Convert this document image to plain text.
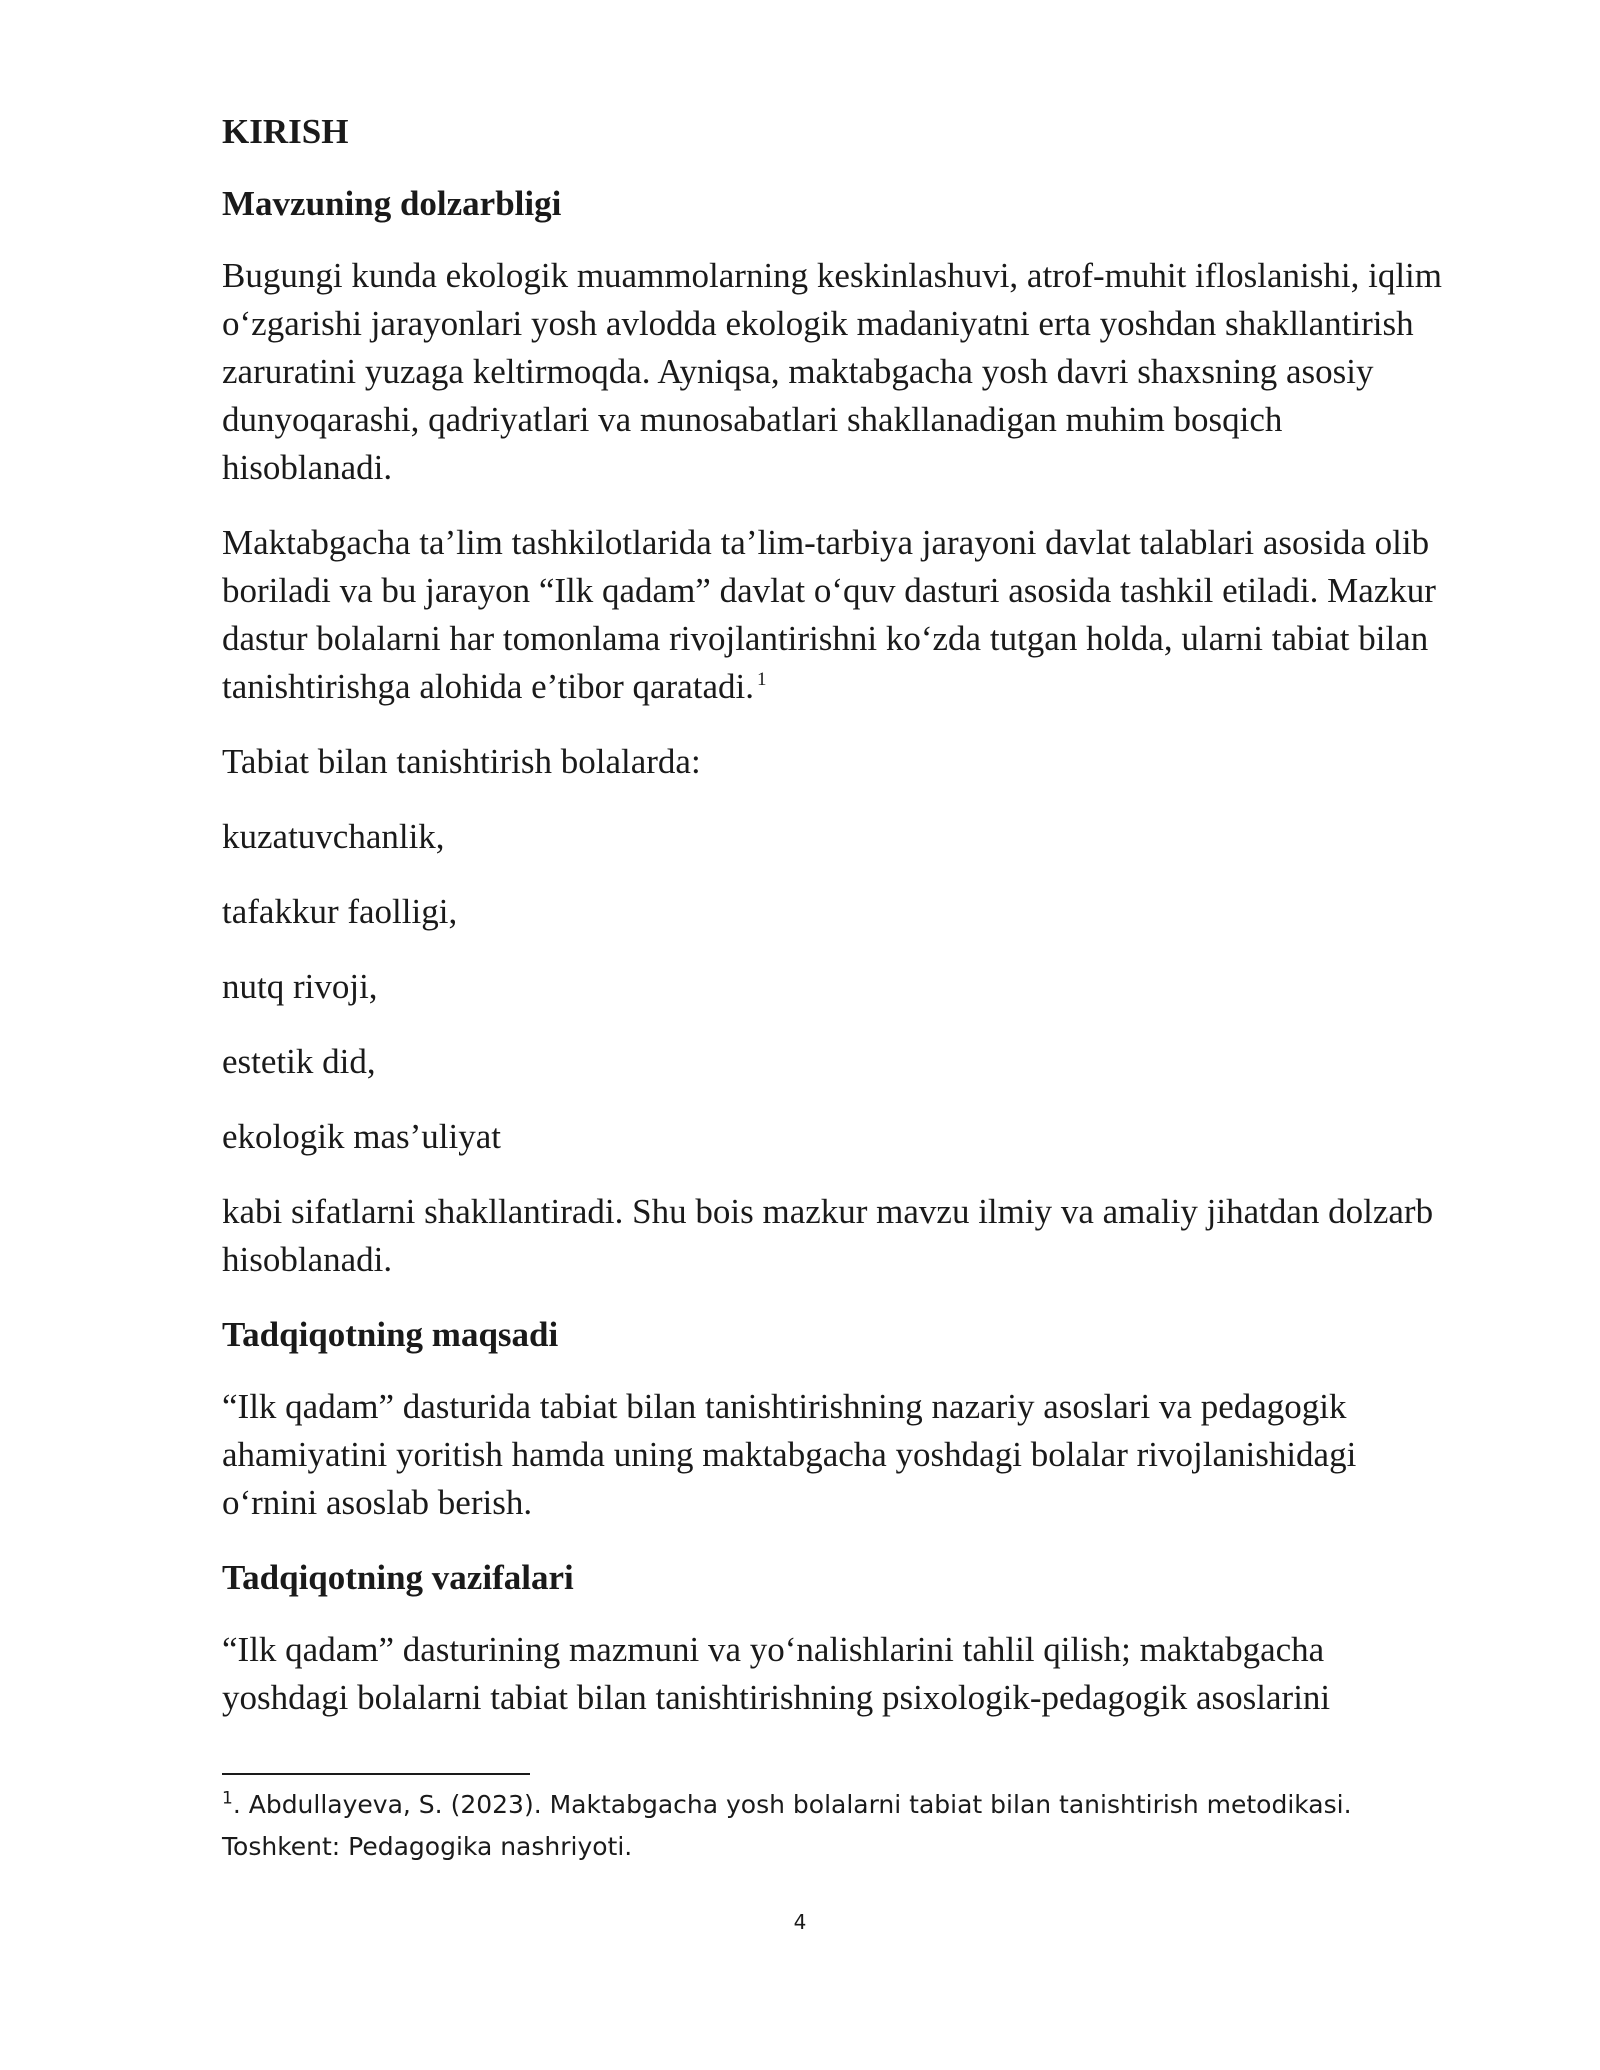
KIRISH
Mavzuning dolzarbligi

Bugungi kunda ekologik muammolarning keskinlashuvi, atrof-muhit ifloslanishi, iqlim o‘zgarishi jarayonlari yosh avlodda ekologik madaniyatni erta yoshdan shakllantirish zaruratini yuzaga keltirmoqda. Ayniqsa, maktabgacha yosh davri shaxsning asosiy dunyoqarashi, qadriyatlari va munosabatlari shakllanadigan muhim bosqich hisoblanadi.

Maktabgacha ta’lim tashkilotlarida ta’lim-tarbiya jarayoni davlat talablari asosida olib boriladi va bu jarayon “Ilk qadam” davlat o‘quv dasturi asosida tashkil etiladi. Mazkur dastur bolalarni har tomonlama rivojlantirishni ko‘zda tutgan holda, ularni tabiat bilan tanishtirishga alohida e’tibor qaratadi. $^1$

Tabiat bilan tanishtirish bolalarda:

kuzatuvchanlik,

tafakkur faolligi,

nutq rivoji,

estetik did,

ekologik mas’uliyat

kabi sifatlarni shakllantiradi. Shu bois mazkur mavzu ilmiy va amaliy jihatdan dolzarb hisoblanadi.

Tadqiqotning maqsadi

“Ilk qadam” dasturida tabiat bilan tanishtirishning nazariy asoslari va pedagogik ahamiyatini yoritish hamda uning maktabgacha yoshdagi bolalar rivojlanishidagi o‘rnini asoslab berish.

Tadqiqotning vazifalari

“Ilk qadam” dasturining mazmuni va yo‘nalishlarini tahlil qilish; maktabgacha yoshdagi bolalarni tabiat bilan tanishtirishning psixologik-pedagogik asoslarini

$^1$. Abdullayeva, S. (2023). Maktabgacha yosh bolalarni tabiat bilan tanishtirish metodikasi. Toshkent: Pedagogika nashriyoti.
4
